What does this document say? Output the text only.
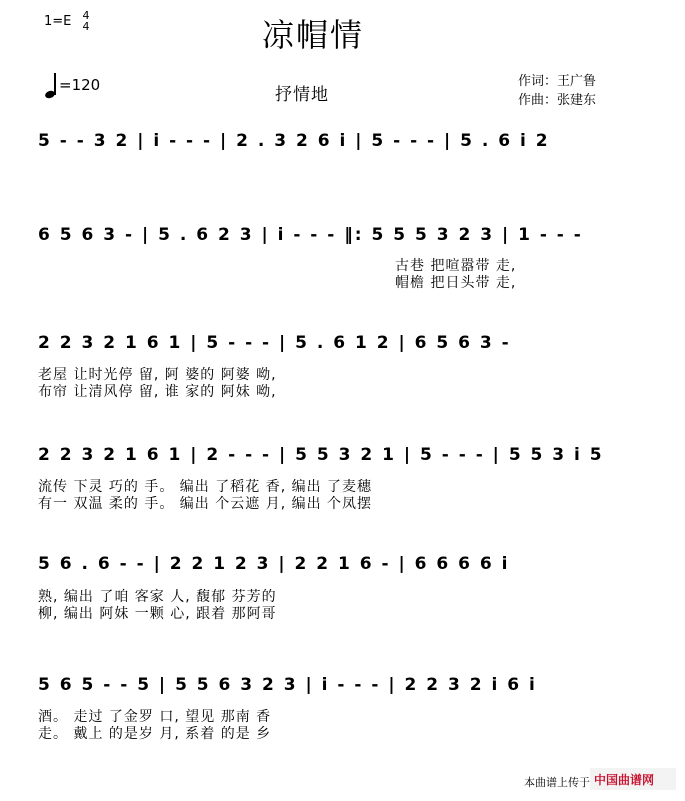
1=E 4
4	凉帽情
=120	抒情地
作词：王广鲁
作曲：张建东
5 - - 3 2 | i - - - | 2 . 3 2 6 i | 5 - - - | 5 . 6 i 2
6 5 6 3 - | 5 . 6 2 3 | i - - - ‖: 5 5 5 3 2 3 | 1 - - -
古巷 把喧嚣带 走,
帽檐 把日头带 走,
2 2 3 2 1 6 1 | 5 - - - | 5 . 6 1 2 | 6 5 6 3 -
老屋 让时光停 留, 阿 婆的 阿婆 呦,
布帘 让清风停 留, 谁 家的 阿妹 呦,
2 2 3 2 1 6 1 | 2 - - - | 5 5 3 2 1 | 5 - - - | 5 5 3 i 5
流传 下灵 巧的 手。 编出 了稻花 香, 编出 了麦穗
有一 双温 柔的 手。 编出 个云遮 月, 编出 个凤摆
5 6 . 6 - - | 2 2 1 2 3 | 2 2 1 6 - | 6 6 6 6 i
熟, 编出 了咱 客家 人, 馥郁 芬芳的
柳, 编出 阿妹 一颗 心, 跟着 那阿哥
5 6 5 - - 5 | 5 5 6 3 2 3 | i - - - | 2 2 3 2 i 6 i
酒。 走过 了金罗 口, 望见 那南 香
走。 戴上 的是岁 月, 系着 的是 乡
本曲谱上传于 中国曲谱网
